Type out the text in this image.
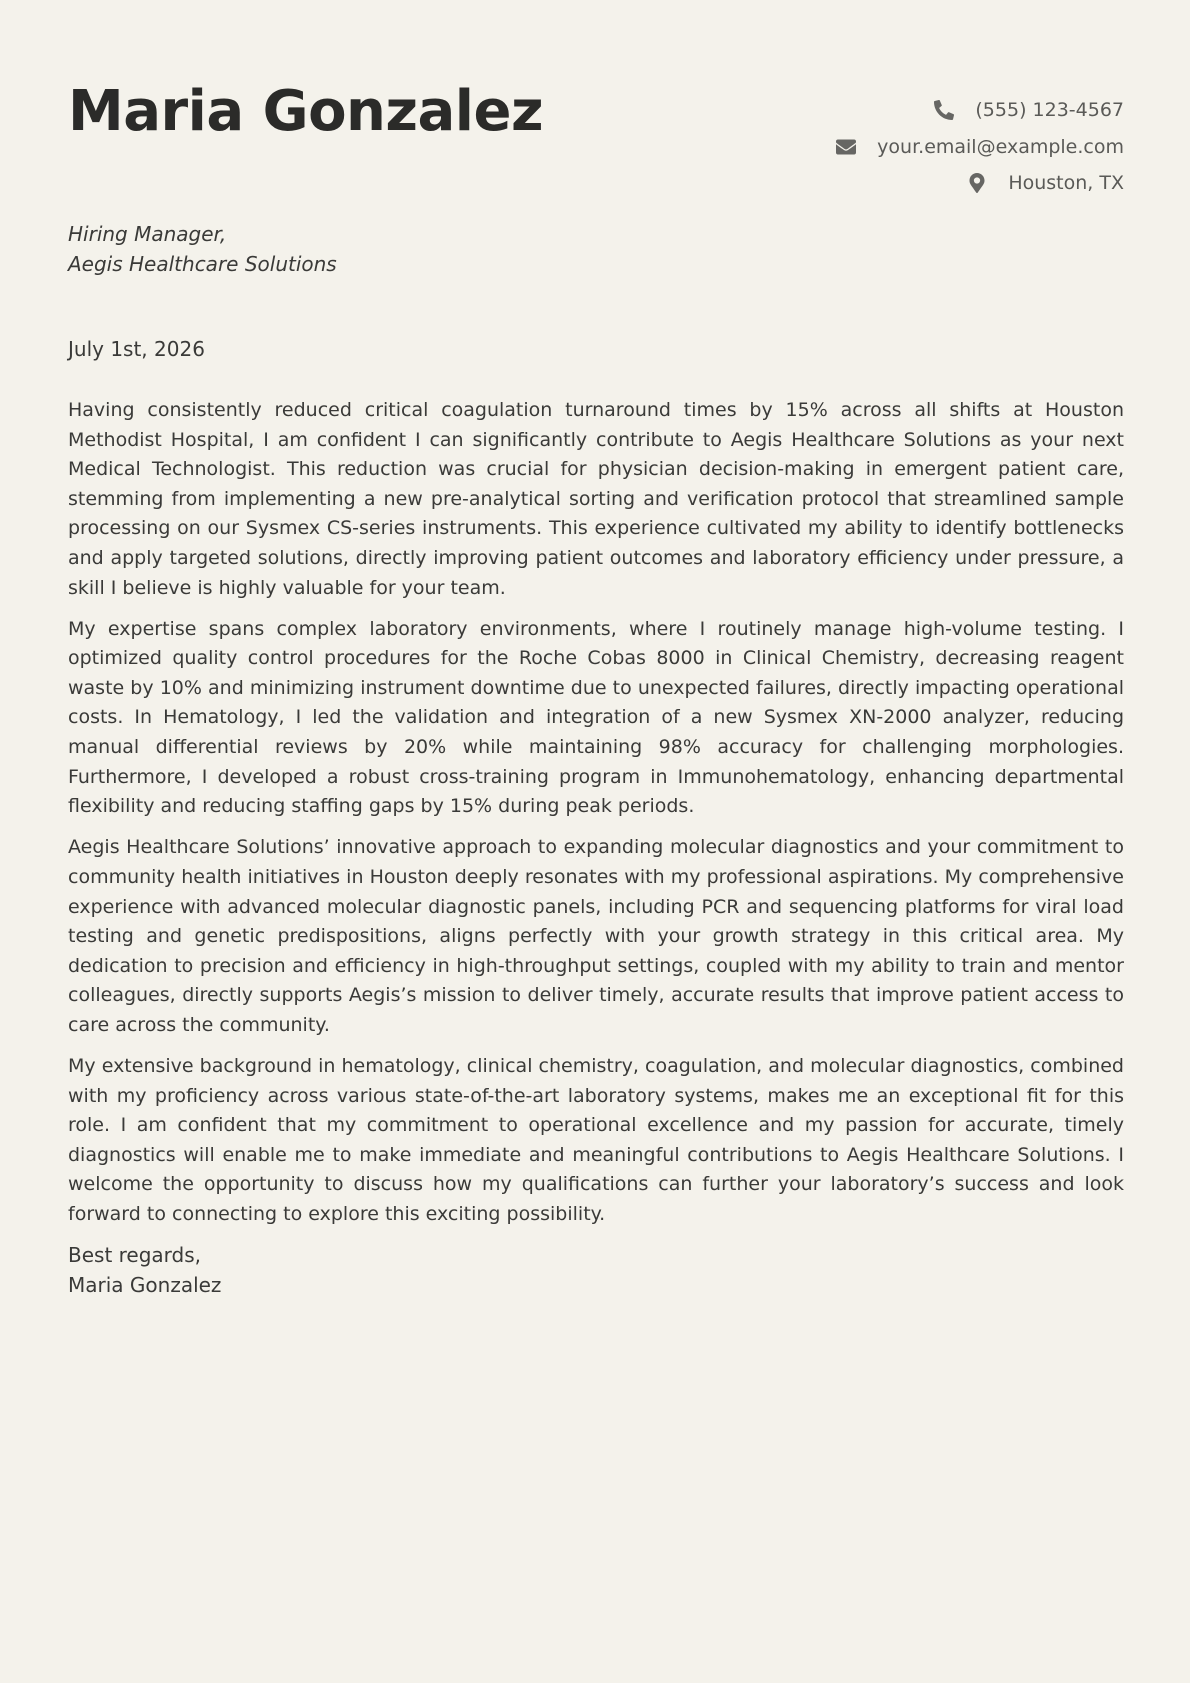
Maria Gonzalez	(555) 123-4567
your.email@example.com
Houston, TX
Hiring Manager,
Aegis Healthcare Solutions
July 1st, 2026

Having consistently reduced critical coagulation turnaround times by 15% across all shifts at Houston Methodist Hospital, I am confident I can significantly contribute to Aegis Healthcare Solutions as your next Medical Technologist. This reduction was crucial for physician decision-making in emergent patient care, stemming from implementing a new pre-analytical sorting and verification protocol that streamlined sample processing on our Sysmex CS-series instruments. This experience cultivated my ability to identify bottlenecks and apply targeted solutions, directly improving patient outcomes and laboratory efficiency under pressure, a skill I believe is highly valuable for your team.

My expertise spans complex laboratory environments, where I routinely manage high-volume testing. I optimized quality control procedures for the Roche Cobas 8000 in Clinical Chemistry, decreasing reagent waste by 10% and minimizing instrument downtime due to unexpected failures, directly impacting operational costs. In Hematology, I led the validation and integration of a new Sysmex XN-2000 analyzer, reducing manual differential reviews by 20% while maintaining 98% accuracy for challenging morphologies. Furthermore, I developed a robust cross-training program in Immunohematology, enhancing departmental flexibility and reducing staffing gaps by 15% during peak periods.

Aegis Healthcare Solutions’ innovative approach to expanding molecular diagnostics and your commitment to community health initiatives in Houston deeply resonates with my professional aspirations. My comprehensive experience with advanced molecular diagnostic panels, including PCR and sequencing platforms for viral load testing and genetic predispositions, aligns perfectly with your growth strategy in this critical area. My dedication to precision and efficiency in high-throughput settings, coupled with my ability to train and mentor colleagues, directly supports Aegis’s mission to deliver timely, accurate results that improve patient access to care across the community.

My extensive background in hematology, clinical chemistry, coagulation, and molecular diagnostics, combined with my proficiency across various state-of-the-art laboratory systems, makes me an exceptional fit for this role. I am confident that my commitment to operational excellence and my passion for accurate, timely diagnostics will enable me to make immediate and meaningful contributions to Aegis Healthcare Solutions. I welcome the opportunity to discuss how my qualifications can further your laboratory’s success and look forward to connecting to explore this exciting possibility.

Best regards,
Maria Gonzalez
